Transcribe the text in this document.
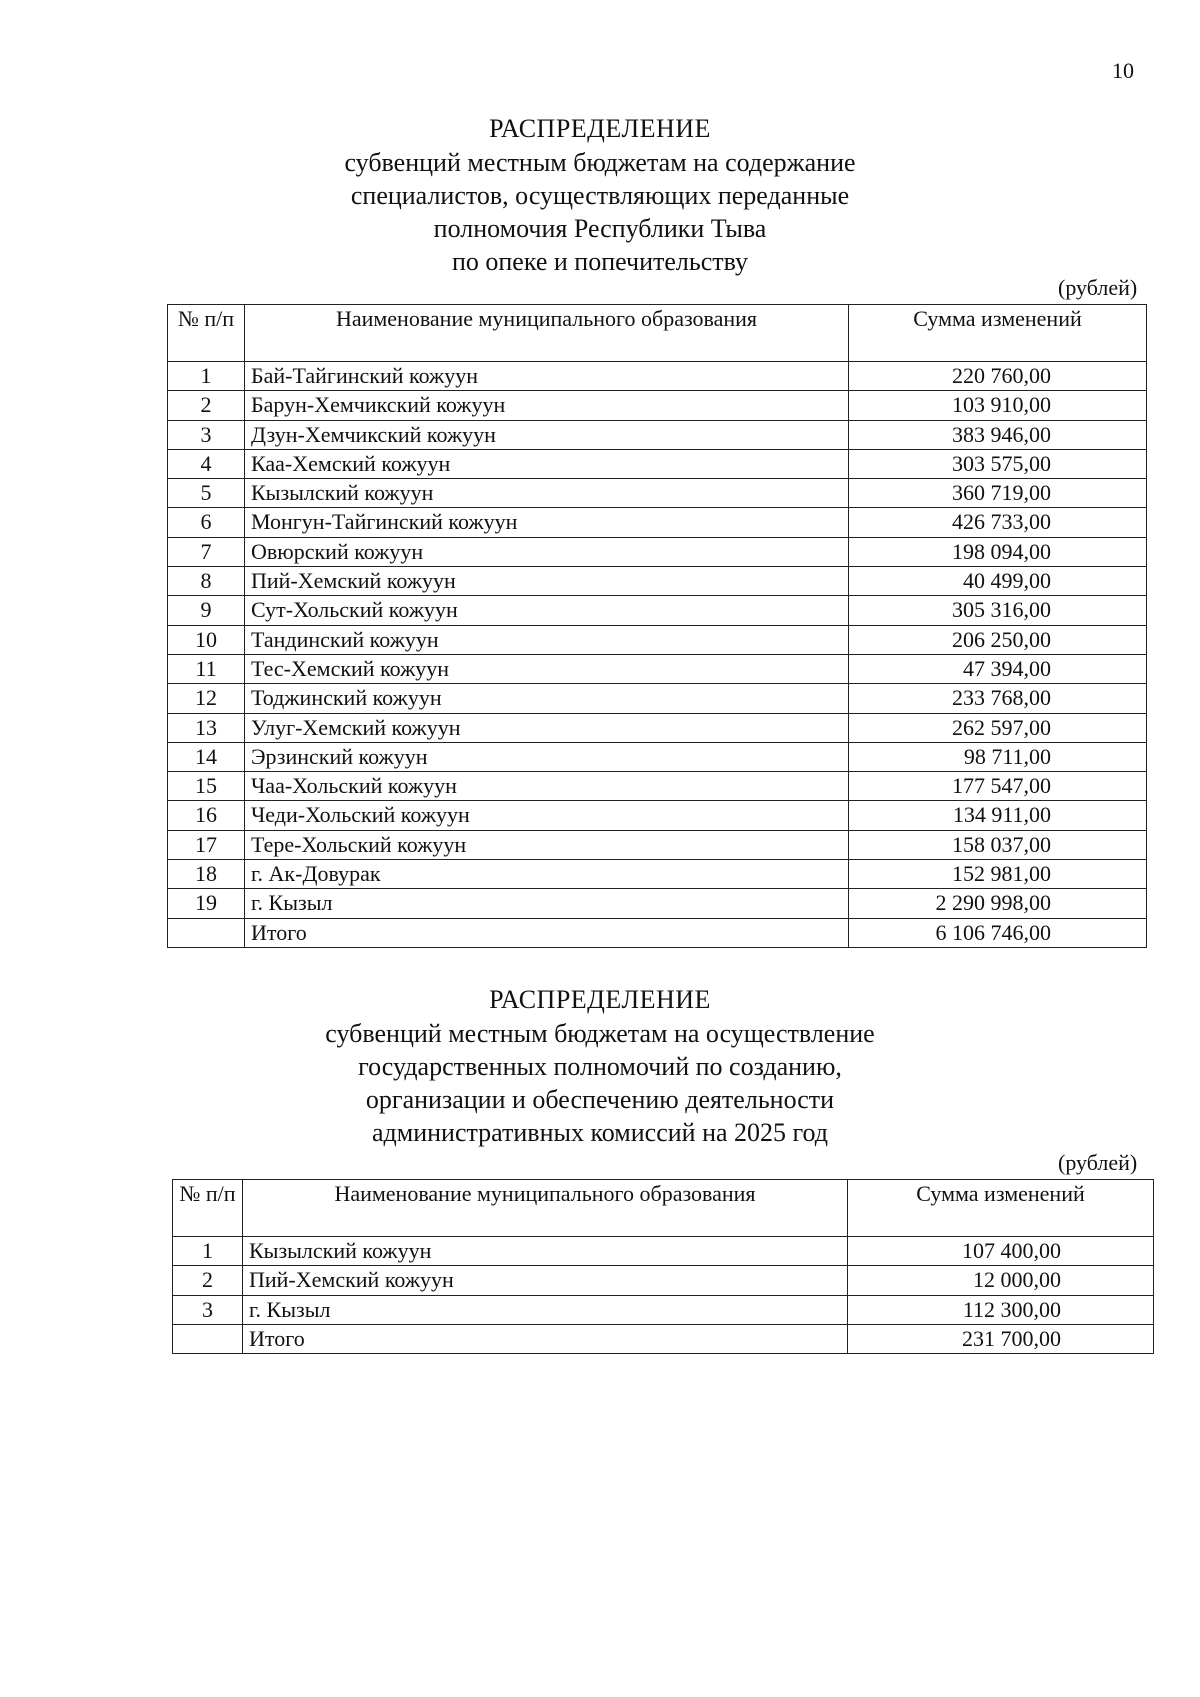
10
РАСПРЕДЕЛЕНИЕ
субвенций местным бюджетам на содержание
специалистов, осуществляющих переданные
полномочия Республики Тыва
по опеке и попечительству
(рублей)
№ п/п	Наименование муниципального образования	Сумма изменений
1	Бай-Тайгинский кожуун	220 760,00
2	Барун-Хемчикский кожуун	103 910,00
3	Дзун-Хемчикский кожуун	383 946,00
4	Каа-Хемский кожуун	303 575,00
5	Кызылский кожуун	360 719,00
6	Монгун-Тайгинский кожуун	426 733,00
7	Овюрский кожуун	198 094,00
8	Пий-Хемский кожуун	40 499,00
9	Сут-Хольский кожуун	305 316,00
10	Тандинский кожуун	206 250,00
11	Тес-Хемский кожуун	47 394,00
12	Тоджинский кожуун	233 768,00
13	Улуг-Хемский кожуун	262 597,00
14	Эрзинский кожуун	98 711,00
15	Чаа-Хольский кожуун	177 547,00
16	Чеди-Хольский кожуун	134 911,00
17	Тере-Хольский кожуун	158 037,00
18	г. Ак-Довурак	152 981,00
19	г. Кызыл	2 290 998,00
	Итого	6 106 746,00
РАСПРЕДЕЛЕНИЕ
субвенций местным бюджетам на осуществление
государственных полномочий по созданию,
организации и обеспечению деятельности
административных комиссий на 2025 год
(рублей)
№ п/п	Наименование муниципального образования	Сумма изменений
1	Кызылский кожуун	107 400,00
2	Пий-Хемский кожуун	12 000,00
3	г. Кызыл	112 300,00
	Итого	231 700,00
